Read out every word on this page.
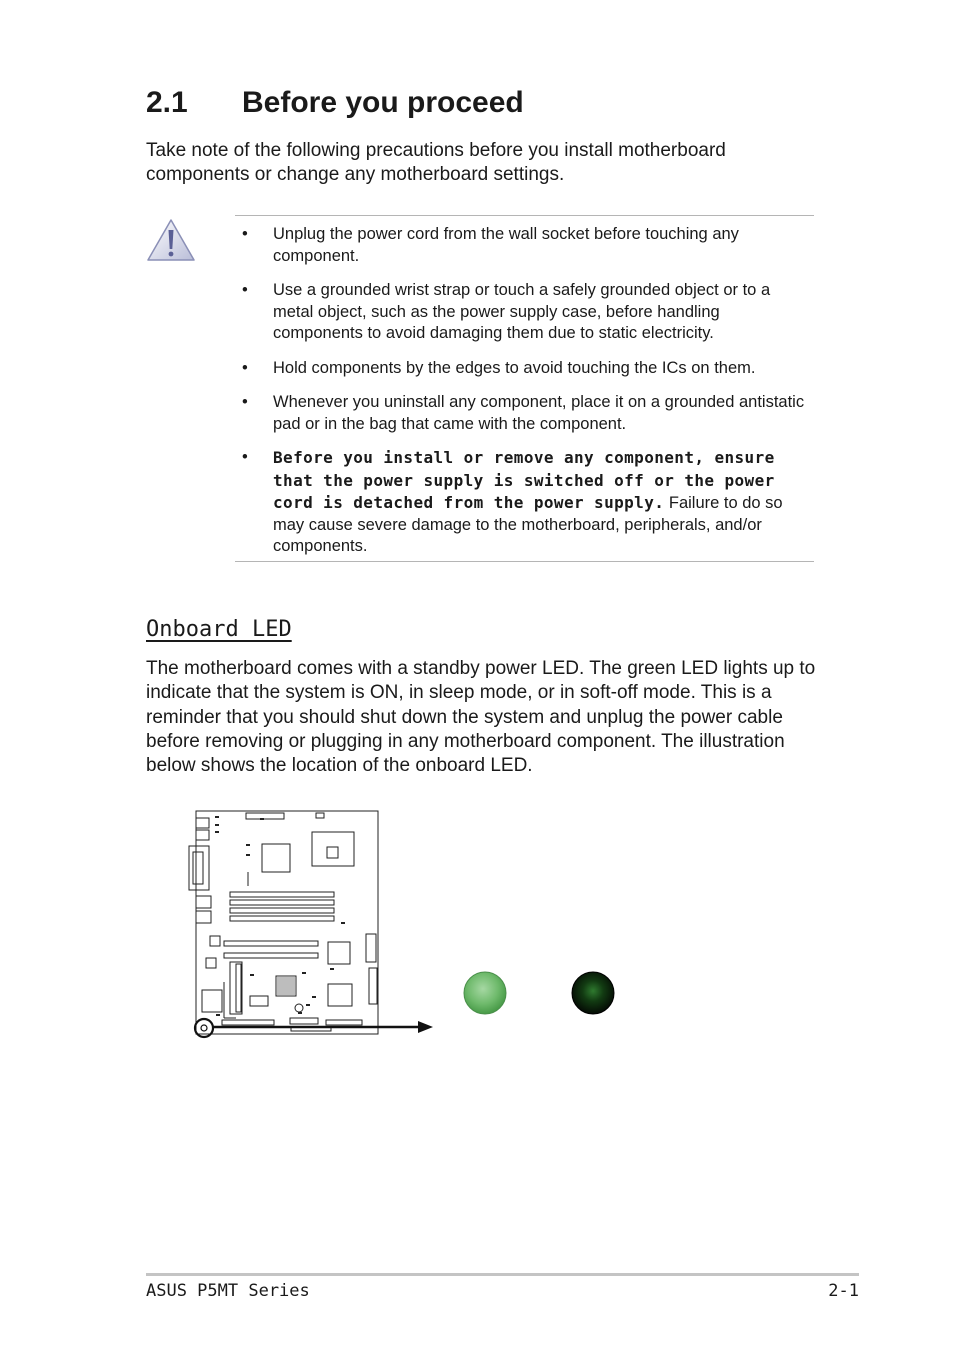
2.1 Before you proceed

Take note of the following precautions before you install motherboard components or change any motherboard settings.

• Unplug the power cord from the wall socket before touching any component.
• Use a grounded wrist strap or touch a safely grounded object or to a metal object, such as the power supply case, before handling components to avoid damaging them due to static electricity.
• Hold components by the edges to avoid touching the ICs on them.
• Whenever you uninstall any component, place it on a grounded antistatic pad or in the bag that came with the component.
• Before you install or remove any component, ensure that the power supply is switched off or the power cord is detached from the power supply. Failure to do so may cause severe damage to the motherboard, peripherals, and/or components.
Onboard LED

The motherboard comes with a standby power LED. The green LED lights up to indicate that the system is ON, in sleep mode, or in soft-off mode. This is a reminder that you should shut down the system and unplug the power cable before removing or plugging in any motherboard component. The illustration below shows the location of the onboard LED.

ASUS P5MT Series	2-1
